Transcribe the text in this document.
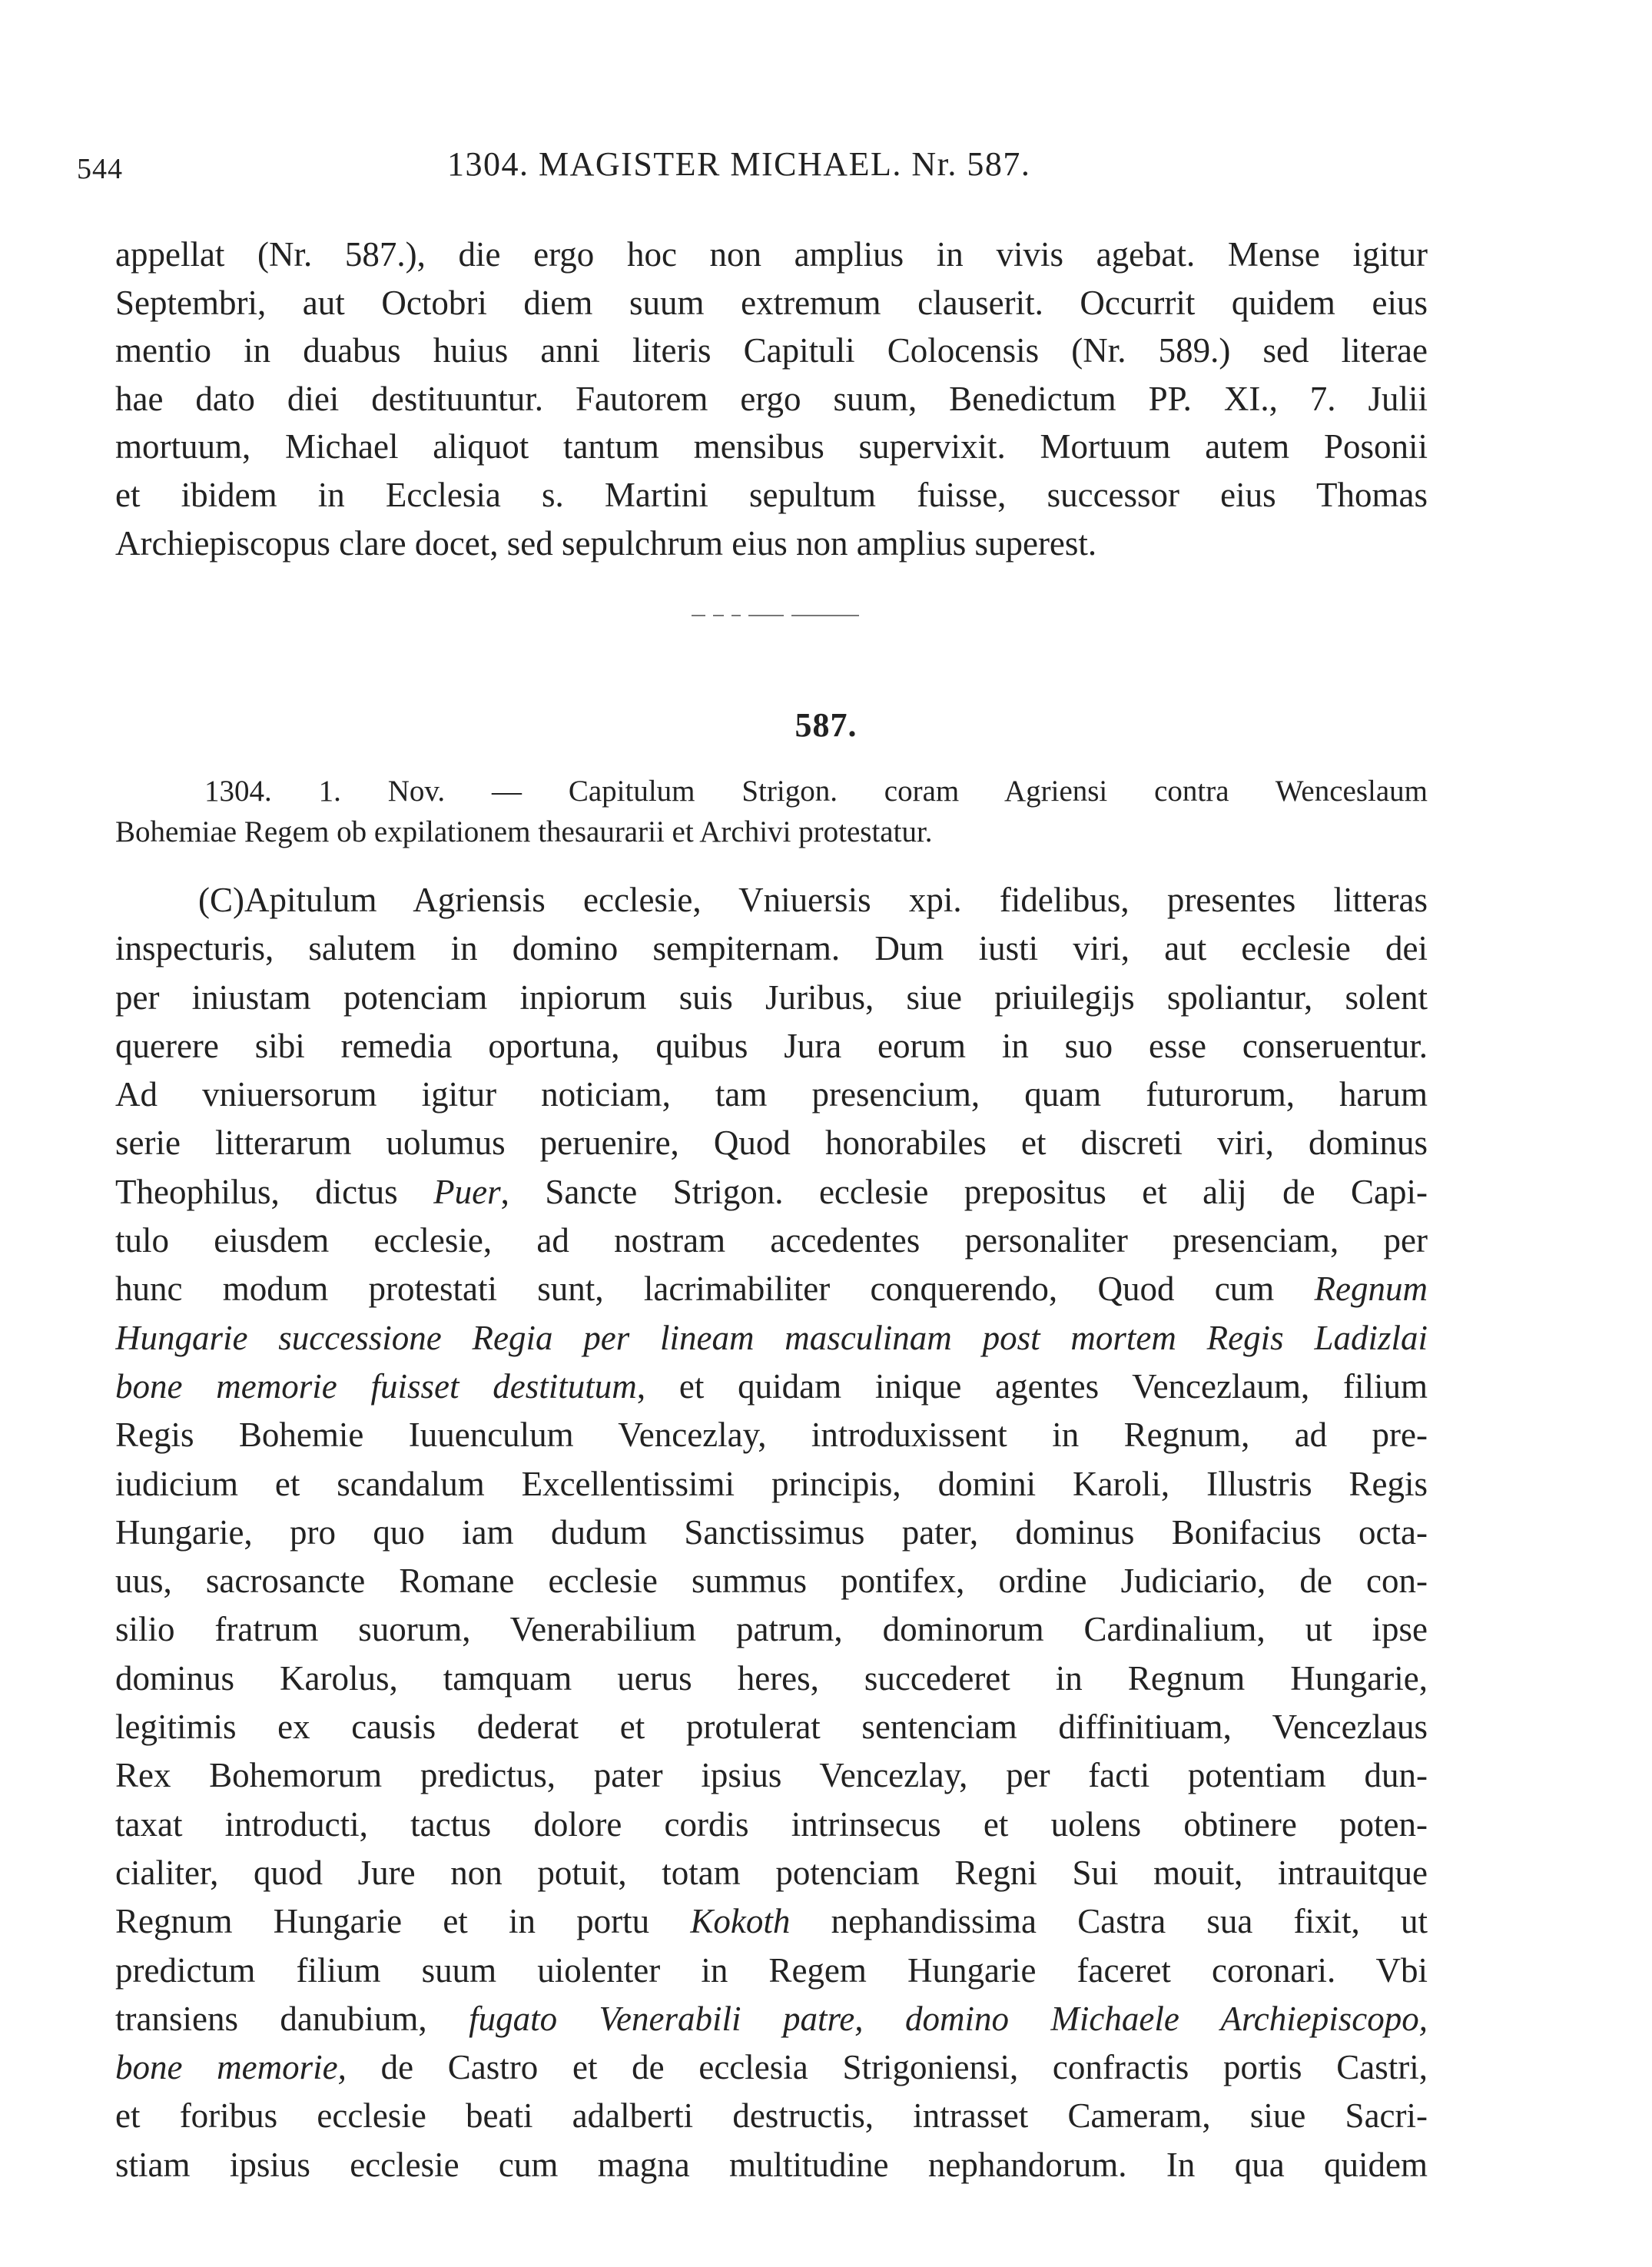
544	1304. MAGISTER MICHAEL. Nr. 587.
appellat (Nr. 587.), die ergo hoc non amplius in vivis agebat. Mense igitur
Septembri, aut Octobri diem suum extremum clauserit. Occurrit quidem eius
mentio in duabus huius anni literis Capituli Colocensis (Nr. 589.) sed literae
hae dato diei destituuntur. Fautorem ergo suum, Benedictum PP. XI., 7. Julii
mortuum, Michael aliquot tantum mensibus supervixit. Mortuum autem Posonii
et ibidem in Ecclesia s. Martini sepultum fuisse, successor eius Thomas
Archiepiscopus clare docet, sed sepulchrum eius non amplius superest.
587.
1304. 1. Nov. — Capitulum Strigon. coram Agriensi contra Wenceslaum
Bohemiae Regem ob expilationem thesaurarii et Archivi protestatur.
(C)Apitulum Agriensis ecclesie, Vniuersis xpi. fidelibus, presentes litteras
inspecturis, salutem in domino sempiternam. Dum iusti viri, aut ecclesie dei
per iniustam potenciam inpiorum suis Juribus, siue priuilegijs spoliantur, solent
querere sibi remedia oportuna, quibus Jura eorum in suo esse conseruentur.
Ad vniuersorum igitur noticiam, tam presencium, quam futurorum, harum
serie litterarum uolumus peruenire, Quod honorabiles et discreti viri, dominus
Theophilus, dictus Puer, Sancte Strigon. ecclesie prepositus et alij de Capi-
tulo eiusdem ecclesie, ad nostram accedentes personaliter presenciam, per
hunc modum protestati sunt, lacrimabiliter conquerendo, Quod cum Regnum
Hungarie successione Regia per lineam masculinam post mortem Regis Ladizlai
bone memorie fuisset destitutum, et quidam inique agentes Vencezlaum, filium
Regis Bohemie Iuuenculum Vencezlay, introduxissent in Regnum, ad pre-
iudicium et scandalum Excellentissimi principis, domini Karoli, Illustris Regis
Hungarie, pro quo iam dudum Sanctissimus pater, dominus Bonifacius octa-
uus, sacrosancte Romane ecclesie summus pontifex, ordine Judiciario, de con-
silio fratrum suorum, Venerabilium patrum, dominorum Cardinalium, ut ipse
dominus Karolus, tamquam uerus heres, succederet in Regnum Hungarie,
legitimis ex causis dederat et protulerat sentenciam diffinitiuam, Vencezlaus
Rex Bohemorum predictus, pater ipsius Vencezlay, per facti potentiam dun-
taxat introducti, tactus dolore cordis intrinsecus et uolens obtinere poten-
cialiter, quod Jure non potuit, totam potenciam Regni Sui mouit, intrauitque
Regnum Hungarie et in portu Kokoth nephandissima Castra sua fixit, ut
predictum filium suum uiolenter in Regem Hungarie faceret coronari. Vbi
transiens danubium, fugato Venerabili patre, domino Michaele Archiepiscopo,
bone memorie, de Castro et de ecclesia Strigoniensi, confractis portis Castri,
et foribus ecclesie beati adalberti destructis, intrasset Cameram, siue Sacri-
stiam ipsius ecclesie cum magna multitudine nephandorum. In qua quidem
